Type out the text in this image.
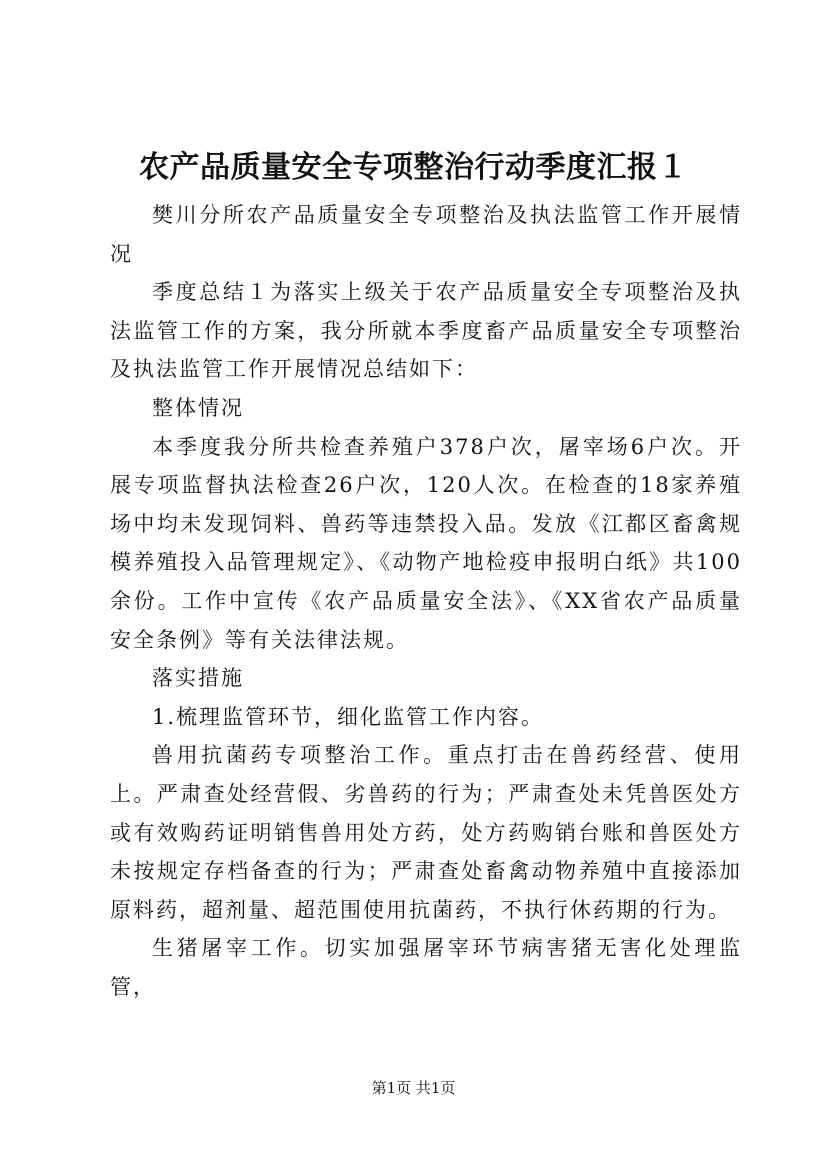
农产品质量安全专项整治行动季度汇报１

樊川分所农产品质量安全专项整治及执法监管工作开展情况

季度总结１为落实上级关于农产品质量安全专项整治及执法监管工作的方案，我分所就本季度畜产品质量安全专项整治及执法监管工作开展情况总结如下：

整体情况

本季度我分所共检查养殖户378户次，屠宰场6户次。开展专项监督执法检查26户次，120人次。在检查的18家养殖场中均未发现饲料、兽药等违禁投入品。发放《江都区畜禽规模养殖投入品管理规定》、《动物产地检疫申报明白纸》共100余份。工作中宣传《农产品质量安全法》、《XX省农产品质量安全条例》等有关法律法规。

落实措施

1.梳理监管环节，细化监管工作内容。

兽用抗菌药专项整治工作。重点打击在兽药经营、使用上。严肃查处经营假、劣兽药的行为；严肃查处未凭兽医处方或有效购药证明销售兽用处方药，处方药购销台账和兽医处方未按规定存档备查的行为；严肃查处畜禽动物养殖中直接添加原料药，超剂量、超范围使用抗菌药，不执行休药期的行为。

生猪屠宰工作。切实加强屠宰环节病害猪无害化处理监管，

第1页 共1页
